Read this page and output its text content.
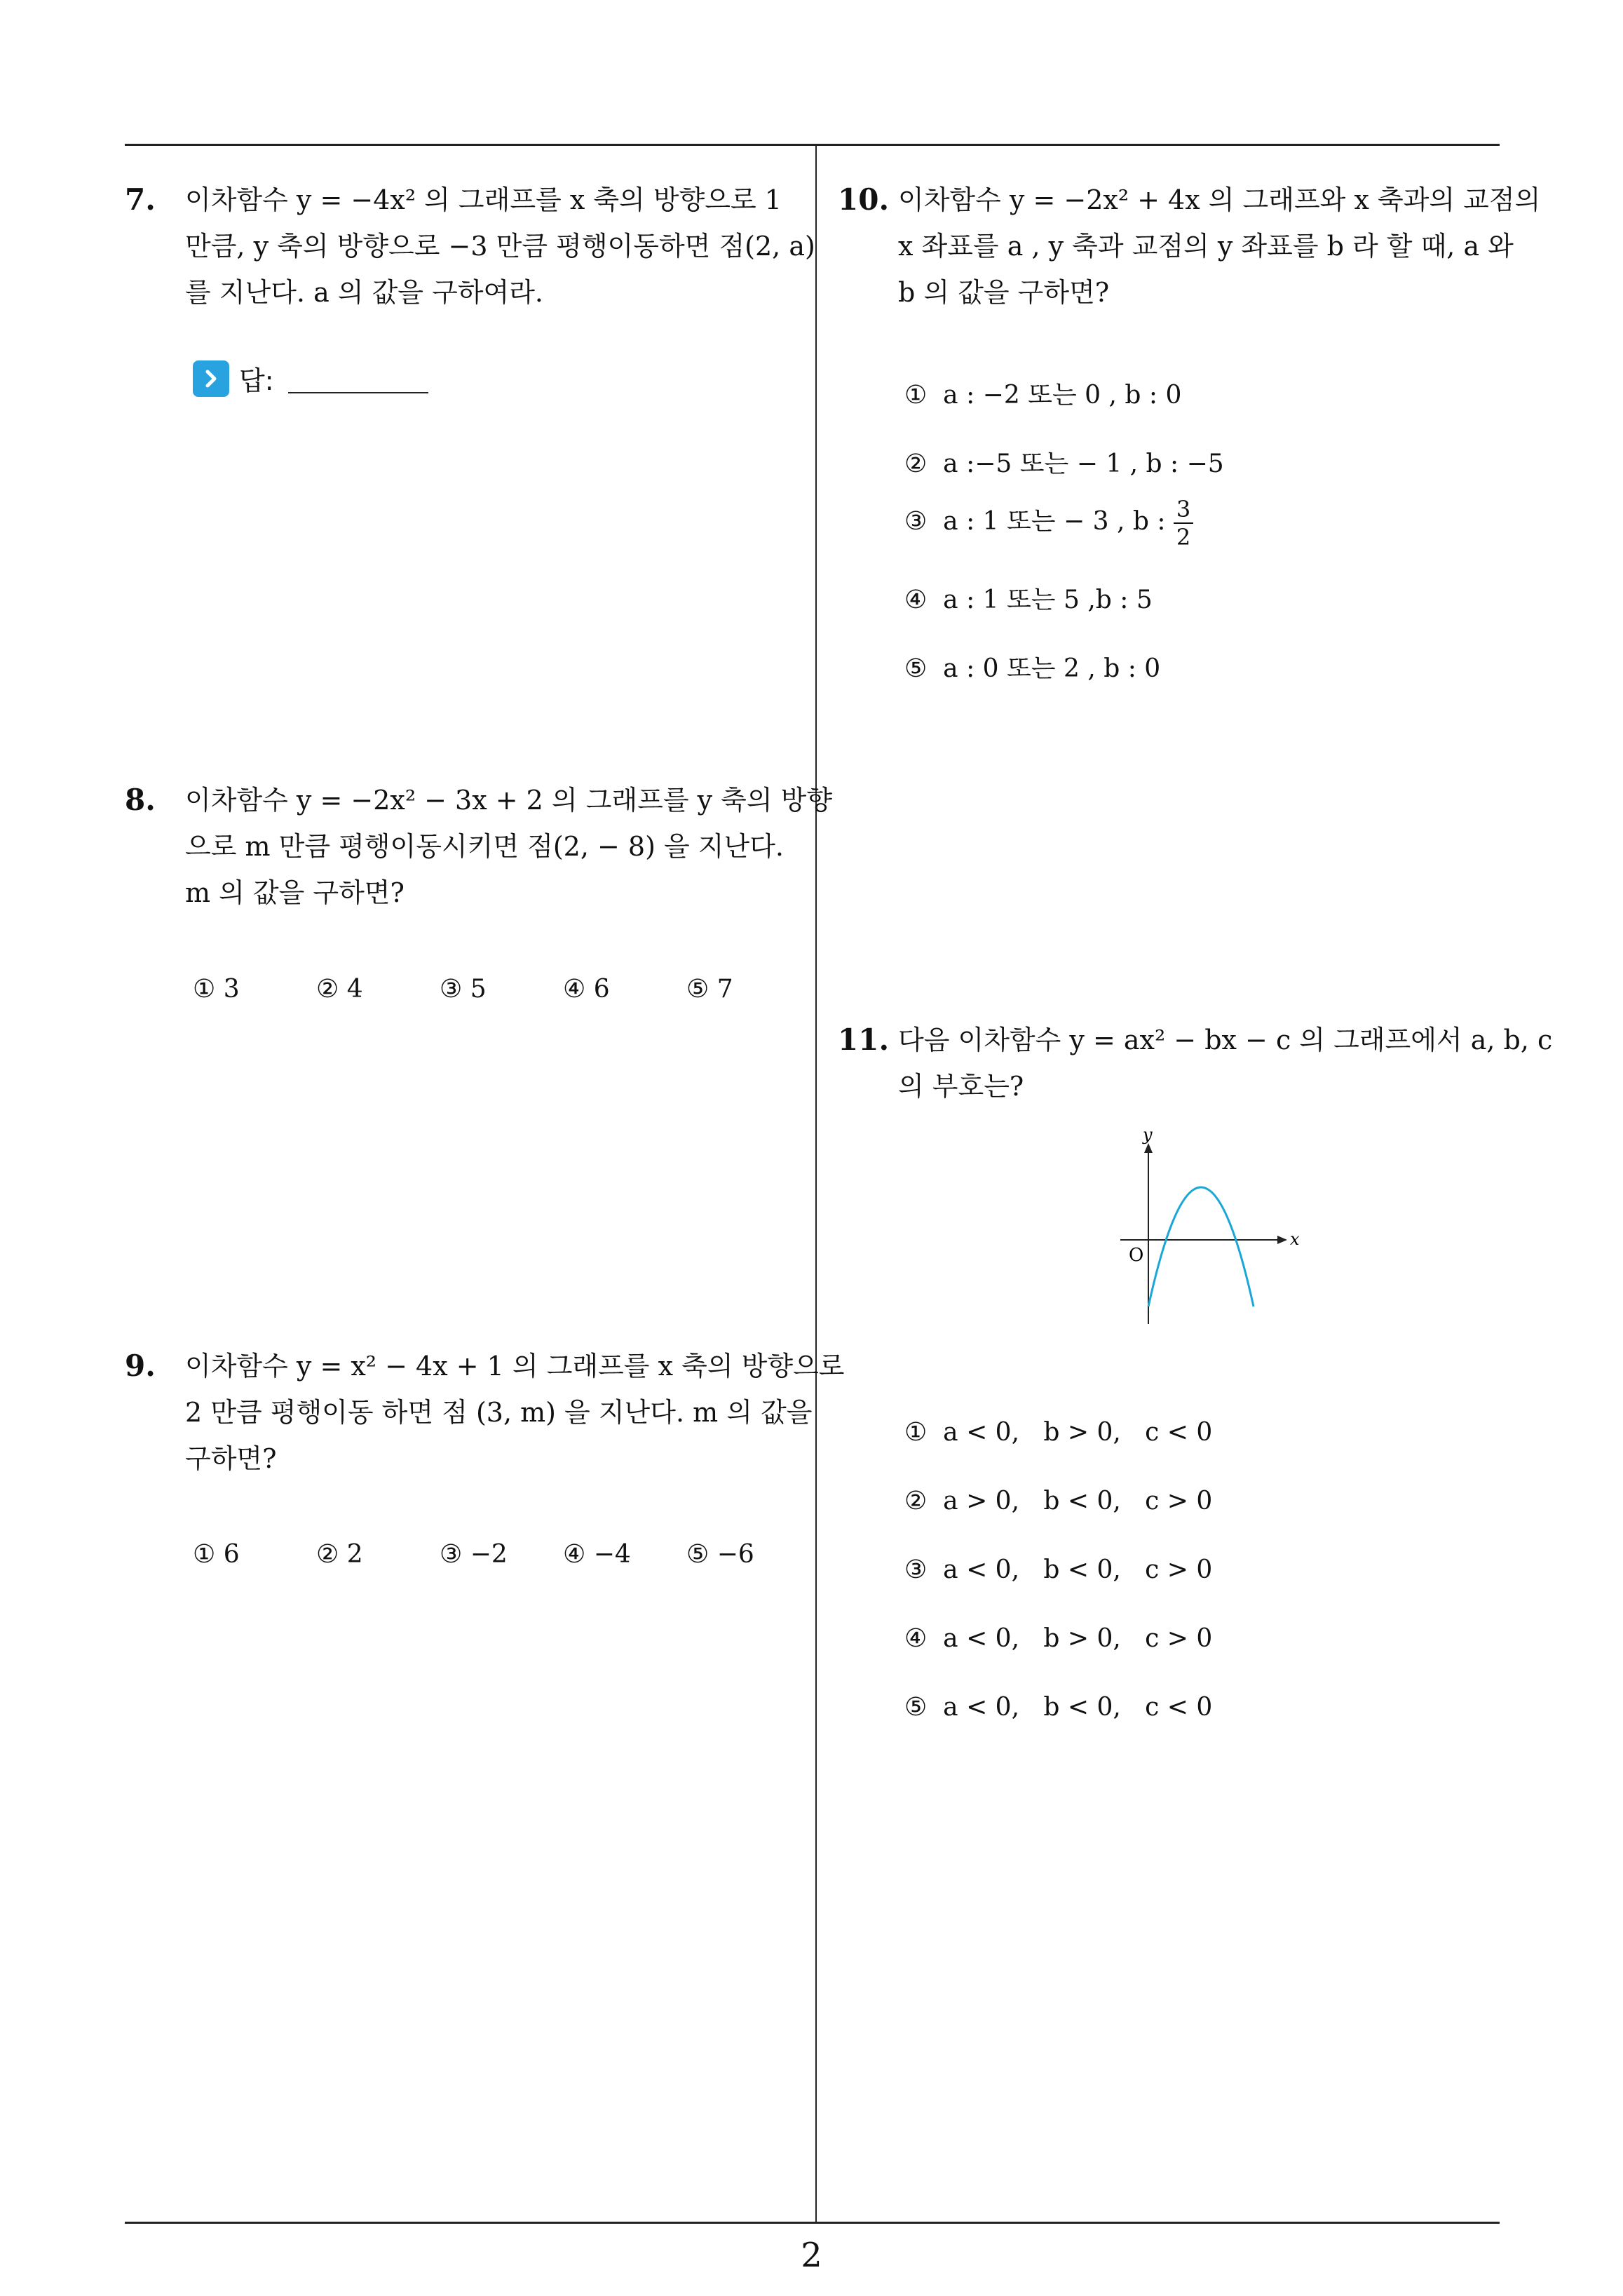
7. 이차함수 y = −4x² 의 그래프를 x 축의 방향으로 1
만큼, y 축의 방향으로 −3 만큼 평행이동하면 점(2, a)
를 지난다. a 의 값을 구하여라.
답:
8. 이차함수 y = −2x² − 3x + 2 의 그래프를 y 축의 방향
으로 m 만큼 평행이동시키면 점(2, − 8) 을 지난다.
m 의 값을 구하면?
① 3	② 4	③ 5	④ 6	⑤ 7
9. 이차함수 y = x² − 4x + 1 의 그래프를 x 축의 방향으로
2 만큼 평행이동 하면 점 (3, m) 을 지난다. m 의 값을
구하면?
① 6	② 2	③ −2	④ −4	⑤ −6
10. 이차함수 y = −2x² + 4x 의 그래프와 x 축과의 교점의
x 좌표를 a , y 축과 교점의 y 좌표를 b 라 할 때, a 와
b 의 값을 구하면?
① a : −2 또는 0 , b : 0
② a :−5 또는 − 1 , b : −5
③ a : 1 또는 − 3 , b : $\frac{3}{2}$
④ a : 1 또는 5 ,b : 5
⑤ a : 0 또는 2 , b : 0
11. 다음 이차함수 y = ax² − bx − c 의 그래프에서 a, b, c
의 부호는?
x
y
O
① a < 0,   b > 0,   c < 0
② a > 0,   b < 0,   c > 0
③ a < 0,   b < 0,   c > 0
④ a < 0,   b > 0,   c > 0
⑤ a < 0,   b < 0,   c < 0
2
